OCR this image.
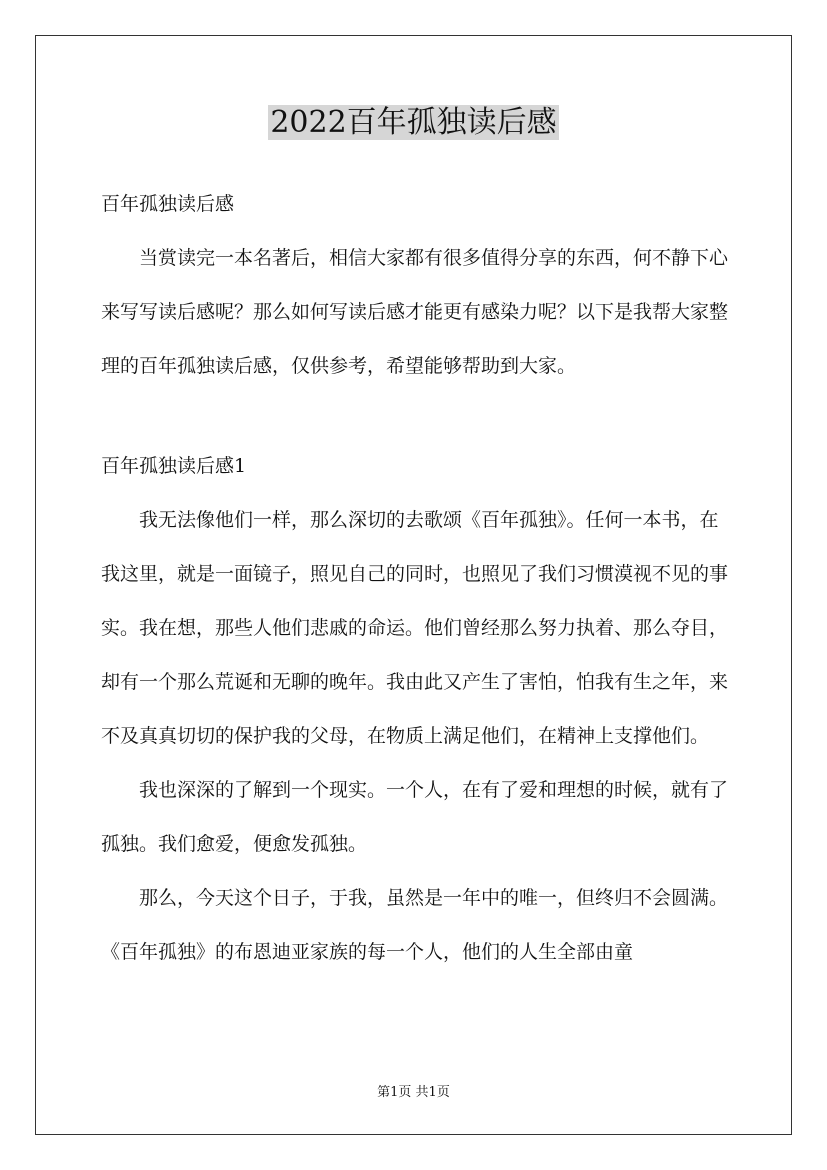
2022百年孤独读后感

百年孤独读后感

当赏读完一本名著后，相信大家都有很多值得分享的东西，何不静下心来写写读后感呢？那么如何写读后感才能更有感染力呢？以下是我帮大家整理的百年孤独读后感，仅供参考，希望能够帮助到大家。

百年孤独读后感1

我无法像他们一样，那么深切的去歌颂《百年孤独》。任何一本书，在我这里，就是一面镜子，照见自己的同时，也照见了我们习惯漠视不见的事实。我在想，那些人他们悲戚的命运。他们曾经那么努力执着、那么夺目，却有一个那么荒诞和无聊的晚年。我由此又产生了害怕，怕我有生之年，来不及真真切切的保护我的父母，在物质上满足他们，在精神上支撑他们。

我也深深的了解到一个现实。一个人，在有了爱和理想的时候，就有了孤独。我们愈爱，便愈发孤独。

那么，今天这个日子，于我，虽然是一年中的唯一，但终归不会圆满。《百年孤独》的布恩迪亚家族的每一个人，他们的人生全部由童

第1页 共1页
